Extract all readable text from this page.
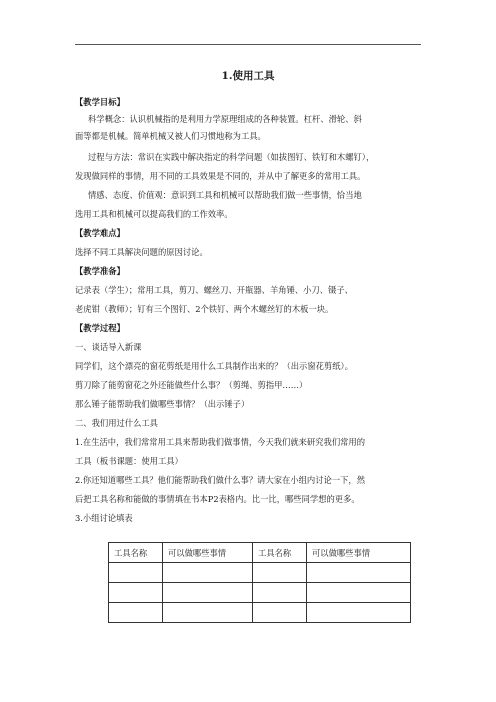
1.使用工具
【教学目标】
科学概念：认识机械指的是利用力学原理组成的各种装置。杠杆、滑轮、斜
面等都是机械。简单机械又被人们习惯地称为工具。
过程与方法：常识在实践中解决指定的科学问题（如拔图钉、铁钉和木螺钉），
发现做同样的事情，用不同的工具效果是不同的，并从中了解更多的常用工具。
情感、态度、价值观：意识到工具和机械可以帮助我们做一些事情，恰当地
选用工具和机械可以提高我们的工作效率。
【教学难点】
选择不同工具解决问题的原因讨论。
【教学准备】
记录表（学生）；常用工具，剪刀、螺丝刀、开瓶器、羊角锤、小刀、镊子、
老虎钳（教师）；钉有三个图钉、2个铁钉、两个木螺丝钉的木板一块。
【教学过程】
一、谈话导入新课
同学们，这个漂亮的窗花剪纸是用什么工具制作出来的？（出示窗花剪纸）。
剪刀除了能剪窗花之外还能做些什么事？（剪绳、剪指甲……）
那么锤子能帮助我们做哪些事情？（出示锤子）
二、我们用过什么工具
1.在生活中，我们常常用工具来帮助我们做事情，今天我们就来研究我们常用的
工具（板书课题：使用工具）
2.你还知道哪些工具？他们能帮助我们做什么事？请大家在小组内讨论一下，然
后把工具名称和能做的事情填在书本P2表格内。比一比，哪些同学想的更多。
3.小组讨论填表
工具名称	可以做哪些事情	工具名称	可以做哪些事情
